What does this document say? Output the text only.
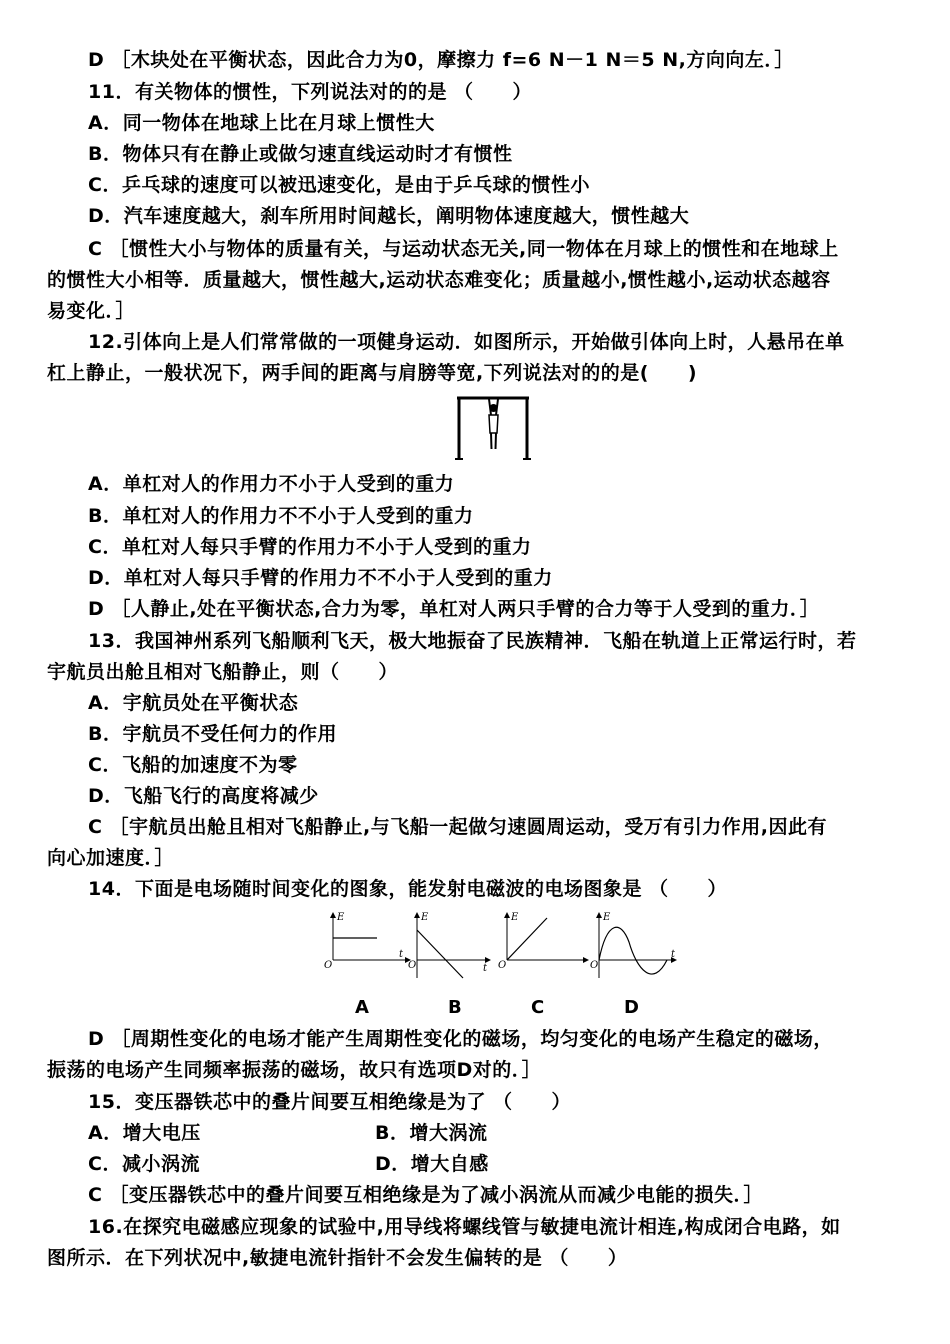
D ［木块处在平衡状态，因此合力为0，摩擦力 f=6 N－1 N＝5 N,方向向左．］
11．有关物体的惯性，下列说法对的的是 （　　）
A．同一物体在地球上比在月球上惯性大
B．物体只有在静止或做匀速直线运动时才有惯性
C．乒乓球的速度可以被迅速变化，是由于乒乓球的惯性小
D．汽车速度越大，刹车所用时间越长，阐明物体速度越大，惯性越大
C ［惯性大小与物体的质量有关，与运动状态无关,同一物体在月球上的惯性和在地球上
的惯性大小相等．质量越大，惯性越大,运动状态难变化；质量越小,惯性越小,运动状态越容
易变化．］
12.引体向上是人们常常做的一项健身运动．如图所示，开始做引体向上时，人悬吊在单
杠上静止，一般状况下，两手间的距离与肩膀等宽,下列说法对的的是(　　)
A．单杠对人的作用力不小于人受到的重力
B．单杠对人的作用力不不小于人受到的重力
C．单杠对人每只手臂的作用力不小于人受到的重力
D．单杠对人每只手臂的作用力不不小于人受到的重力
D ［人静止,处在平衡状态,合力为零，单杠对人两只手臂的合力等于人受到的重力．］
13．我国神州系列飞船顺利飞天，极大地振奋了民族精神．飞船在轨道上正常运行时，若
宇航员出舱且相对飞船静止，则（　　）
A．宇航员处在平衡状态
B．宇航员不受任何力的作用
C．飞船的加速度不为零
D．飞船飞行的高度将减少
C ［宇航员出舱且相对飞船静止,与飞船一起做匀速圆周运动，受万有引力作用,因此有
向心加速度．］
14．下面是电场随时间变化的图象，能发射电磁波的电场图象是 （　　）
E
O
t
E
O	t
E
O
E
O
t
A	B	C	D
D ［周期性变化的电场才能产生周期性变化的磁场，均匀变化的电场产生稳定的磁场，
振荡的电场产生同频率振荡的磁场，故只有选项D对的．］
15．变压器铁芯中的叠片间要互相绝缘是为了 （　　）
A．增大电压	B．增大涡流
C．减小涡流	D．增大自感
C ［变压器铁芯中的叠片间要互相绝缘是为了减小涡流从而减少电能的损失．］
16.在探究电磁感应现象的试验中,用导线将螺线管与敏捷电流计相连,构成闭合电路，如
图所示．在下列状况中,敏捷电流针指针不会发生偏转的是 （　　）
